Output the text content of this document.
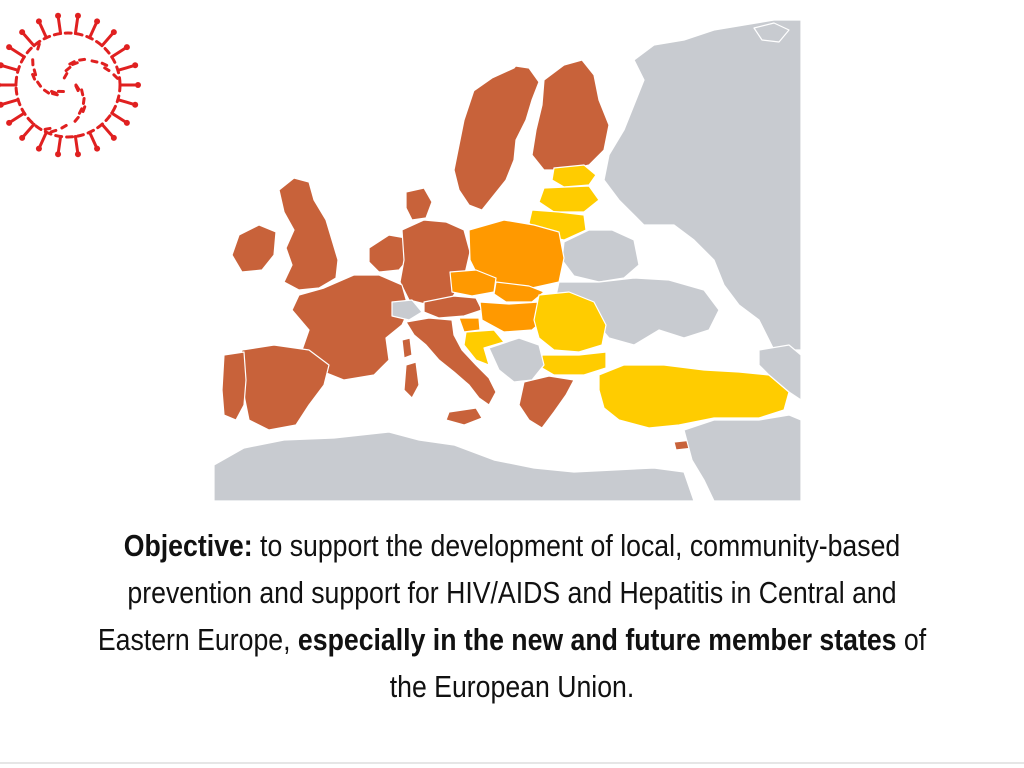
Objective: to support the development of local, community-based prevention and support for HIV/AIDS and Hepatitis in Central and Eastern Europe, especially in the new and future member states of the European Union.
